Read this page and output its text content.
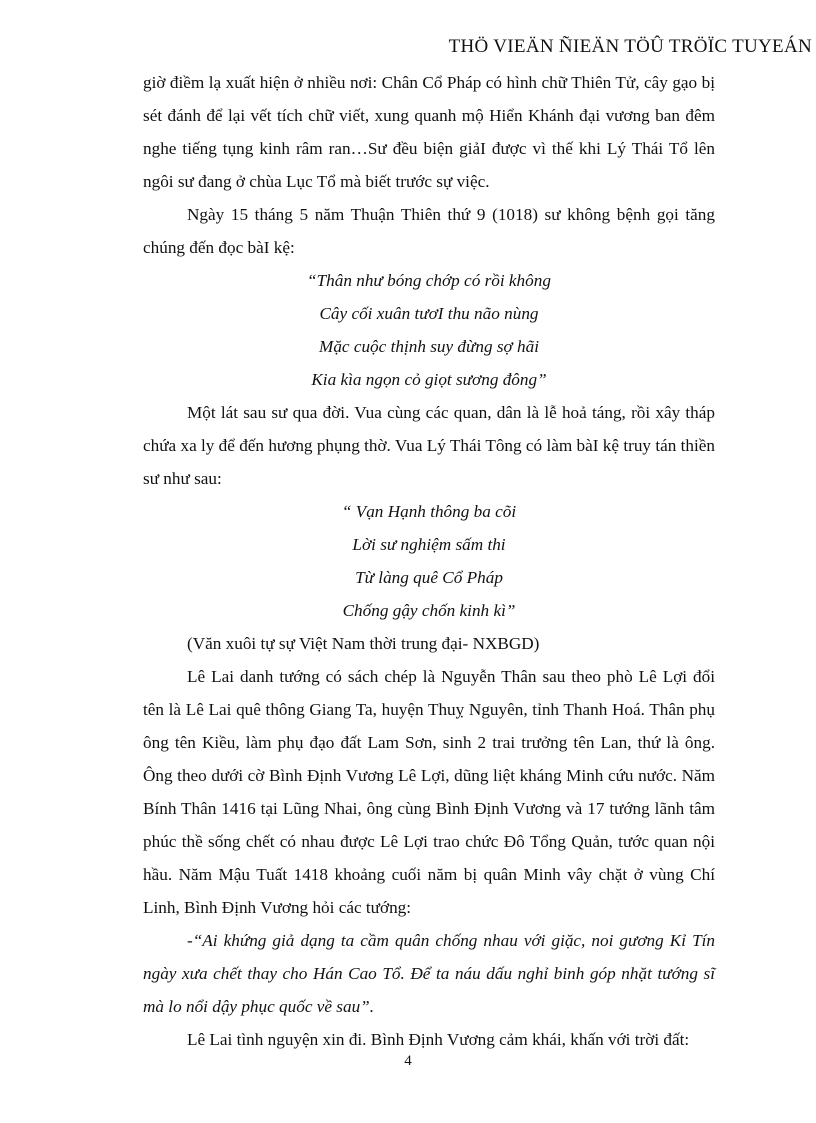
THÖ VIEÄN ÑIEÄN TÖÛ TRÖÏC TUYEÁN

giờ điềm lạ xuất hiện ở nhiều nơi: Chân Cổ Pháp có hình chữ Thiên Tử, cây gạo bị sét đánh để lại vết tích chữ viết, xung quanh mộ Hiển Khánh đại vương ban đêm nghe tiếng tụng kinh râm ran…Sư đều biện giảI được vì thế khi Lý Thái Tổ lên ngôi sư đang ở chùa Lục Tổ mà biết trước sự việc.

Ngày 15 tháng 5 năm Thuận Thiên thứ 9 (1018) sư không bệnh gọi tăng chúng đến đọc bàI kệ:

“Thân như bóng chớp có rồi không

Cây cối xuân tươI thu não nùng

Mặc cuộc thịnh suy đừng sợ hãi

Kia kìa ngọn cỏ giọt sương đông”

Một lát sau sư qua đời. Vua cùng các quan, dân là lễ hoả táng, rồi xây tháp chứa xa ly để đến hương phụng thờ. Vua Lý Thái Tông có làm bàI kệ truy tán thiền sư như sau:

“ Vạn Hạnh thông ba cõi

Lời sư nghiệm sấm thi

Từ làng quê Cổ Pháp

Chống gậy chốn kinh kì”

(Văn xuôi tự sự Việt Nam thời trung đại- NXBGD)

Lê Lai danh tướng có sách chép là Nguyễn Thân sau theo phò Lê Lợi đổi tên là Lê Lai quê thông Giang Ta, huyện Thuỵ Nguyên, tỉnh Thanh Hoá. Thân phụ ông tên Kiều, làm phụ đạo đất Lam Sơn, sinh 2 trai trưởng tên Lan, thứ là ông. Ông theo dưới cờ Bình Định Vương Lê Lợi, dũng liệt kháng Minh cứu nước. Năm Bính Thân 1416 tại Lũng Nhai, ông cùng Bình Định Vương và 17 tướng lãnh tâm phúc thề sống chết có nhau được Lê Lợi trao chức Đô Tổng Quản, tước quan nội hầu. Năm Mậu Tuất 1418 khoảng cuối năm bị quân Minh vây chặt ở vùng Chí Linh, Bình Định Vương hỏi các tướng:

-“Ai khứng giả dạng ta cầm quân chống nhau với giặc, noi gương Kỉ Tín ngày xưa chết thay cho Hán Cao Tổ. Để ta náu dấu nghỉ binh góp nhặt tướng sĩ mà lo nổi dậy phục quốc về sau”.

Lê Lai tình nguyện xin đi. Bình Định Vương cảm khái, khấn với trời đất:

4
